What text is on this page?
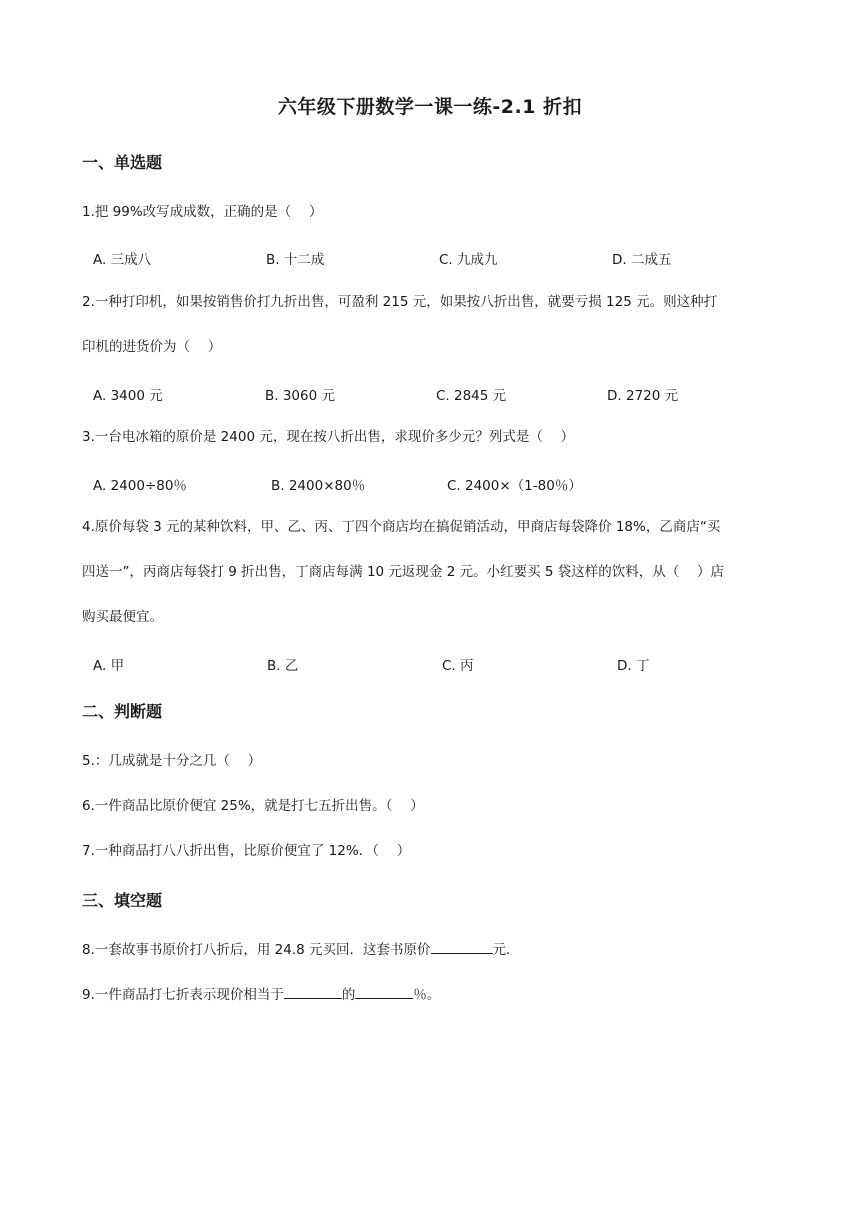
六年级下册数学一课一练-2.1 折扣
一、单选题
1.把 99%改写成成数，正确的是（　 ）
A. 三成八	B. 十二成	C. 九成九	D. 二成五
2.一种打印机，如果按销售价打九折出售，可盈利 215 元，如果按八折出售，就要亏损 125 元。则这种打
印机的进货价为（　 ）
A. 3400 元	B. 3060 元	C. 2845 元	D. 2720 元
3.一台电冰箱的原价是 2400 元，现在按八折出售，求现价多少元？列式是（　 ）
A. 2400÷80％	B. 2400×80％	C. 2400×（1-80％）
4.原价每袋 3 元的某种饮料，甲、乙、丙、丁四个商店均在搞促销活动，甲商店每袋降价 18%，乙商店“买
四送一”，丙商店每袋打 9 折出售，丁商店每满 10 元返现金 2 元。小红要买 5 袋这样的饮料，从（　 ）店
购买最便宜。
A. 甲	B. 乙	C. 丙	D. 丁
二、判断题
5.：几成就是十分之几（　 ）
6.一件商品比原价便宜 25%，就是打七五折出售。（　 ）
7.一种商品打八八折出售，比原价便宜了 12%．（　 ）
三、填空题
8.一套故事书原价打八折后，用 24.8 元买回．这套书原价	元．
9.一件商品打七折表示现价相当于	的	％。
